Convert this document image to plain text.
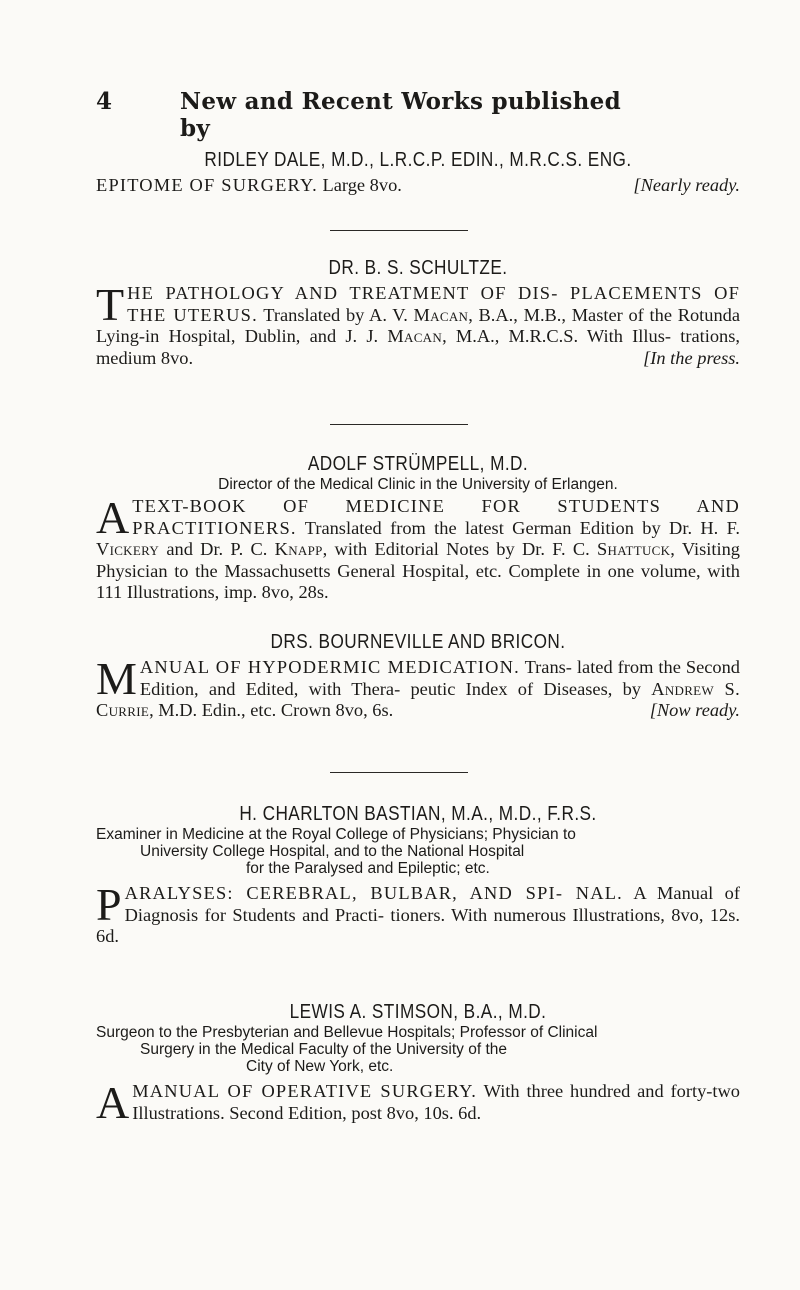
4	New and Recent Works published by
RIDLEY DALE, M.D., L.R.C.P. EDIN., M.R.C.S. ENG.
EPITOME OF SURGERY. Large 8vo.	[Nearly ready.
DR. B. S. SCHULTZE.
THE PATHOLOGY AND TREATMENT OF DIS- PLACEMENTS OF THE UTERUS. Translated by A. V. Macan, B.A., M.B., Master of the Rotunda Lying-in Hospital, Dublin, and J. J. Macan, M.A., M.R.C.S. With Illus- trations, medium 8vo.	[In the press.
ADOLF STRÜMPELL, M.D.
Director of the Medical Clinic in the University of Erlangen.
ATEXT-BOOK OF MEDICINE FOR STUDENTS AND PRACTITIONERS. Translated from the latest German Edition by Dr. H. F. Vickery and Dr. P. C. Knapp, with Editorial Notes by Dr. F. C. Shattuck, Visiting Physician to the Massachusetts General Hospital, etc. Complete in one volume, with 111 Illustrations, imp. 8vo, 28s.
DRS. BOURNEVILLE AND BRICON.
MANUAL OF HYPODERMIC MEDICATION. Trans- lated from the Second Edition, and Edited, with Thera- peutic Index of Diseases, by Andrew S. Currie, M.D. Edin., etc. Crown 8vo, 6s.	[Now ready.
H. CHARLTON BASTIAN, M.A., M.D., F.R.S.
Examiner in Medicine at the Royal College of Physicians; Physician to
University College Hospital, and to the National Hospital
for the Paralysed and Epileptic; etc.
PARALYSES: CEREBRAL, BULBAR, AND SPI- NAL. A Manual of Diagnosis for Students and Practi- tioners. With numerous Illustrations, 8vo, 12s. 6d.
LEWIS A. STIMSON, B.A., M.D.
Surgeon to the Presbyterian and Bellevue Hospitals; Professor of Clinical
Surgery in the Medical Faculty of the University of the
City of New York, etc.
AMANUAL OF OPERATIVE SURGERY. With three hundred and forty-two Illustrations. Second Edition, post 8vo, 10s. 6d.
